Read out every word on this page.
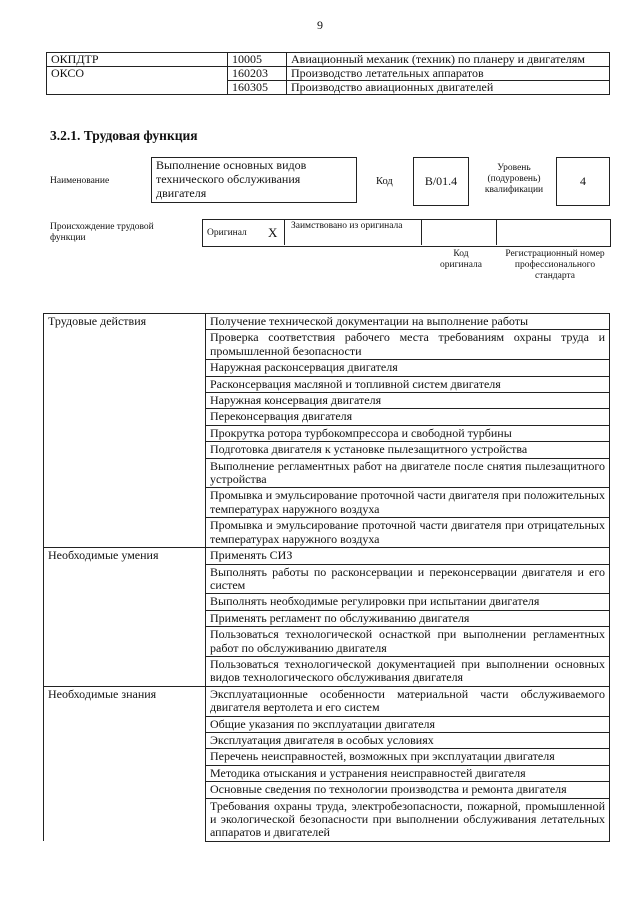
9
ОКПДТР	10005	Авиационный механик (техник) по планеру и двигателям
ОКСО	160203	Производство летательных аппаратов
	160305	Производство авиационных двигателей
3.2.1. Трудовая функция
Наименование
Выполнение основных видов технического обслуживания двигателя
Код	B/01.4
Уровень (подуровень) квалификации
4
Происхождение трудовой функции	Оригинал X Заимствовано из оригинала
Код оригинала
Регистрационный номер профессионального стандарта
Трудовые действия	Получение технической документации на выполнение работы
	Проверка соответствия рабочего места требованиям охраны труда и промышленной безопасности
	Наружная расконсервация двигателя
	Расконсервация масляной и топливной систем двигателя
	Наружная консервация двигателя
	Переконсервация двигателя
	Прокрутка ротора турбокомпрессора и свободной турбины
	Подготовка двигателя к установке пылезащитного устройства
	Выполнение регламентных работ на двигателе после снятия пылезащитного устройства
	Промывка и эмульсирование проточной части двигателя при положительных температурах наружного воздуха
	Промывка и эмульсирование проточной части двигателя при отрицательных температурах наружного воздуха
Необходимые умения	Применять СИЗ
	Выполнять работы по расконсервации и переконсервации двигателя и его систем
	Выполнять необходимые регулировки при испытании двигателя
	Применять регламент по обслуживанию двигателя
	Пользоваться технологической оснасткой при выполнении регламентных работ по обслуживанию двигателя
	Пользоваться технологической документацией при выполнении основных видов технологического обслуживания двигателя
Необходимые знания	Эксплуатационные особенности материальной части обслуживаемого двигателя вертолета и его систем
	Общие указания по эксплуатации двигателя
	Эксплуатация двигателя в особых условиях
	Перечень неисправностей, возможных при эксплуатации двигателя
	Методика отыскания и устранения неисправностей двигателя
	Основные сведения по технологии производства и ремонта двигателя
	Требования охраны труда, электробезопасности, пожарной, промышленной и экологической безопасности при выполнении обслуживания летательных аппаратов и двигателей
